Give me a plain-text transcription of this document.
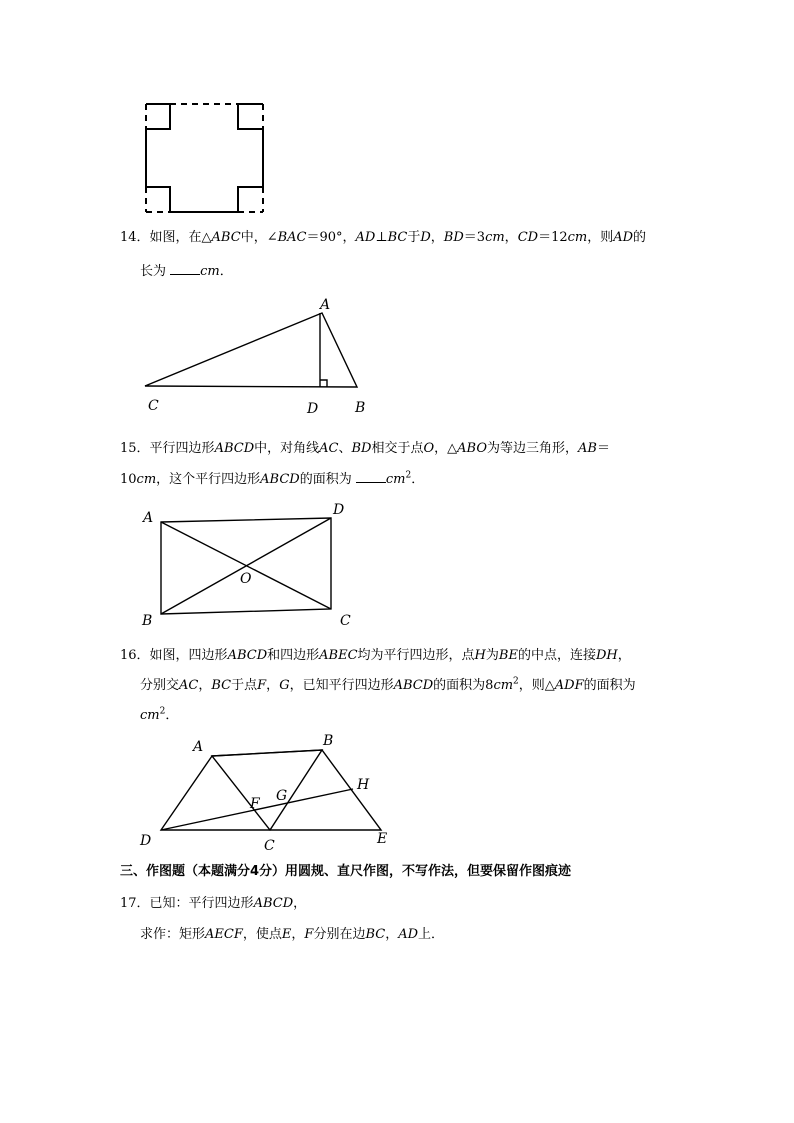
14．如图，在△ABC中，∠BAC＝90°，AD⊥BC于D，BD＝3cm，CD＝12cm，则AD的
长为	cm．
A
C	D	B
15．平行四边形ABCD中，对角线AC、BD相交于点O，△ABO为等边三角形，AB＝
10cm，这个平行四边形ABCD的面积为	$cm^2$．
A	D
O
B	C
16．如图，四边形ABCD和四边形ABEC均为平行四边形，点H为BE的中点，连接DH，
分别交AC，BC于点F，G，已知平行四边形ABCD的面积为$8cm^2$，则△ADF的面积为
$cm^2$．
A	B
H
F G
D	C	E
三、作图题（本题满分4分）用圆规、直尺作图，不写作法，但要保留作图痕迹
17．已知：平行四边形ABCD，
求作：矩形AECF，使点E，F分别在边BC，AD上．
